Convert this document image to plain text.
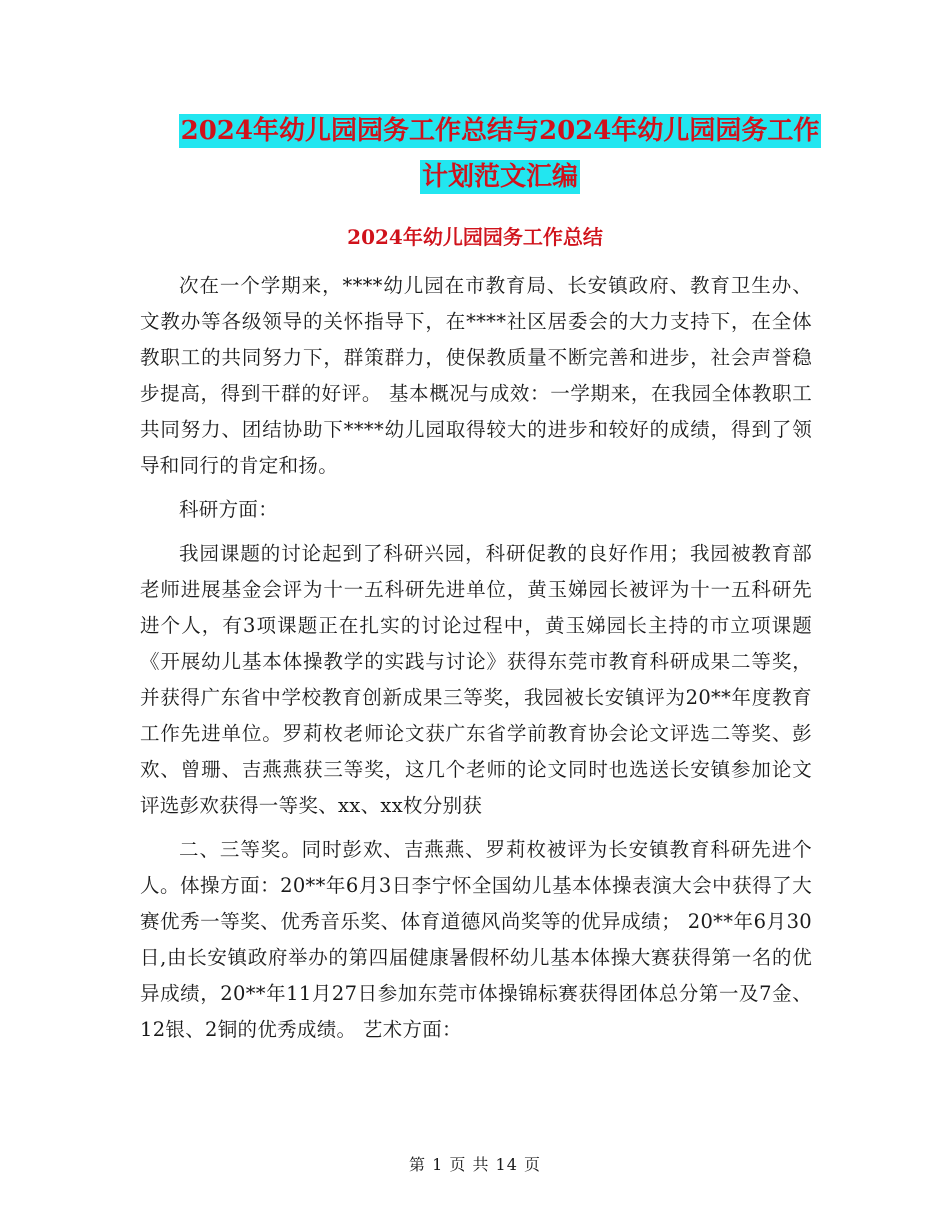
2024年幼儿园园务工作总结与2024年幼儿园园务工作
计划范文汇编
2024年幼儿园园务工作总结

次在一个学期来，****幼儿园在市教育局、长安镇政府、教育卫生办、文教办等各级领导的关怀指导下，在****社区居委会的大力支持下，在全体教职工的共同努力下，群策群力，使保教质量不断完善和进步，社会声誉稳步提高，得到干群的好评。 基本概况与成效：一学期来，在我园全体教职工共同努力、团结协助下****幼儿园取得较大的进步和较好的成绩，得到了领导和同行的肯定和扬。

科研方面：

我园课题的讨论起到了科研兴园，科研促教的良好作用；我园被教育部老师进展基金会评为十一五科研先进单位，黄玉娣园长被评为十一五科研先进个人，有3项课题正在扎实的讨论过程中，黄玉娣园长主持的市立项课题《开展幼儿基本体操教学的实践与讨论》获得东莞市教育科研成果二等奖，并获得广东省中学校教育创新成果三等奖，我园被长安镇评为20**年度教育工作先进单位。罗莉枚老师论文获广东省学前教育协会论文评选二等奖、彭欢、曾珊、吉燕燕获三等奖，这几个老师的论文同时也选送长安镇参加论文评选彭欢获得一等奖、xx、xx枚分别获

二、三等奖。同时彭欢、吉燕燕、罗莉枚被评为长安镇教育科研先进个人。体操方面：20**年6月3日李宁怀全国幼儿基本体操表演大会中获得了大赛优秀一等奖、优秀音乐奖、体育道德风尚奖等的优异成绩； 20**年6月30日,由长安镇政府举办的第四届健康暑假杯幼儿基本体操大赛获得第一名的优异成绩，20**年11月27日参加东莞市体操锦标赛获得团体总分第一及7金、12银、2铜的优秀成绩。 艺术方面：

第 1 页 共 14 页
